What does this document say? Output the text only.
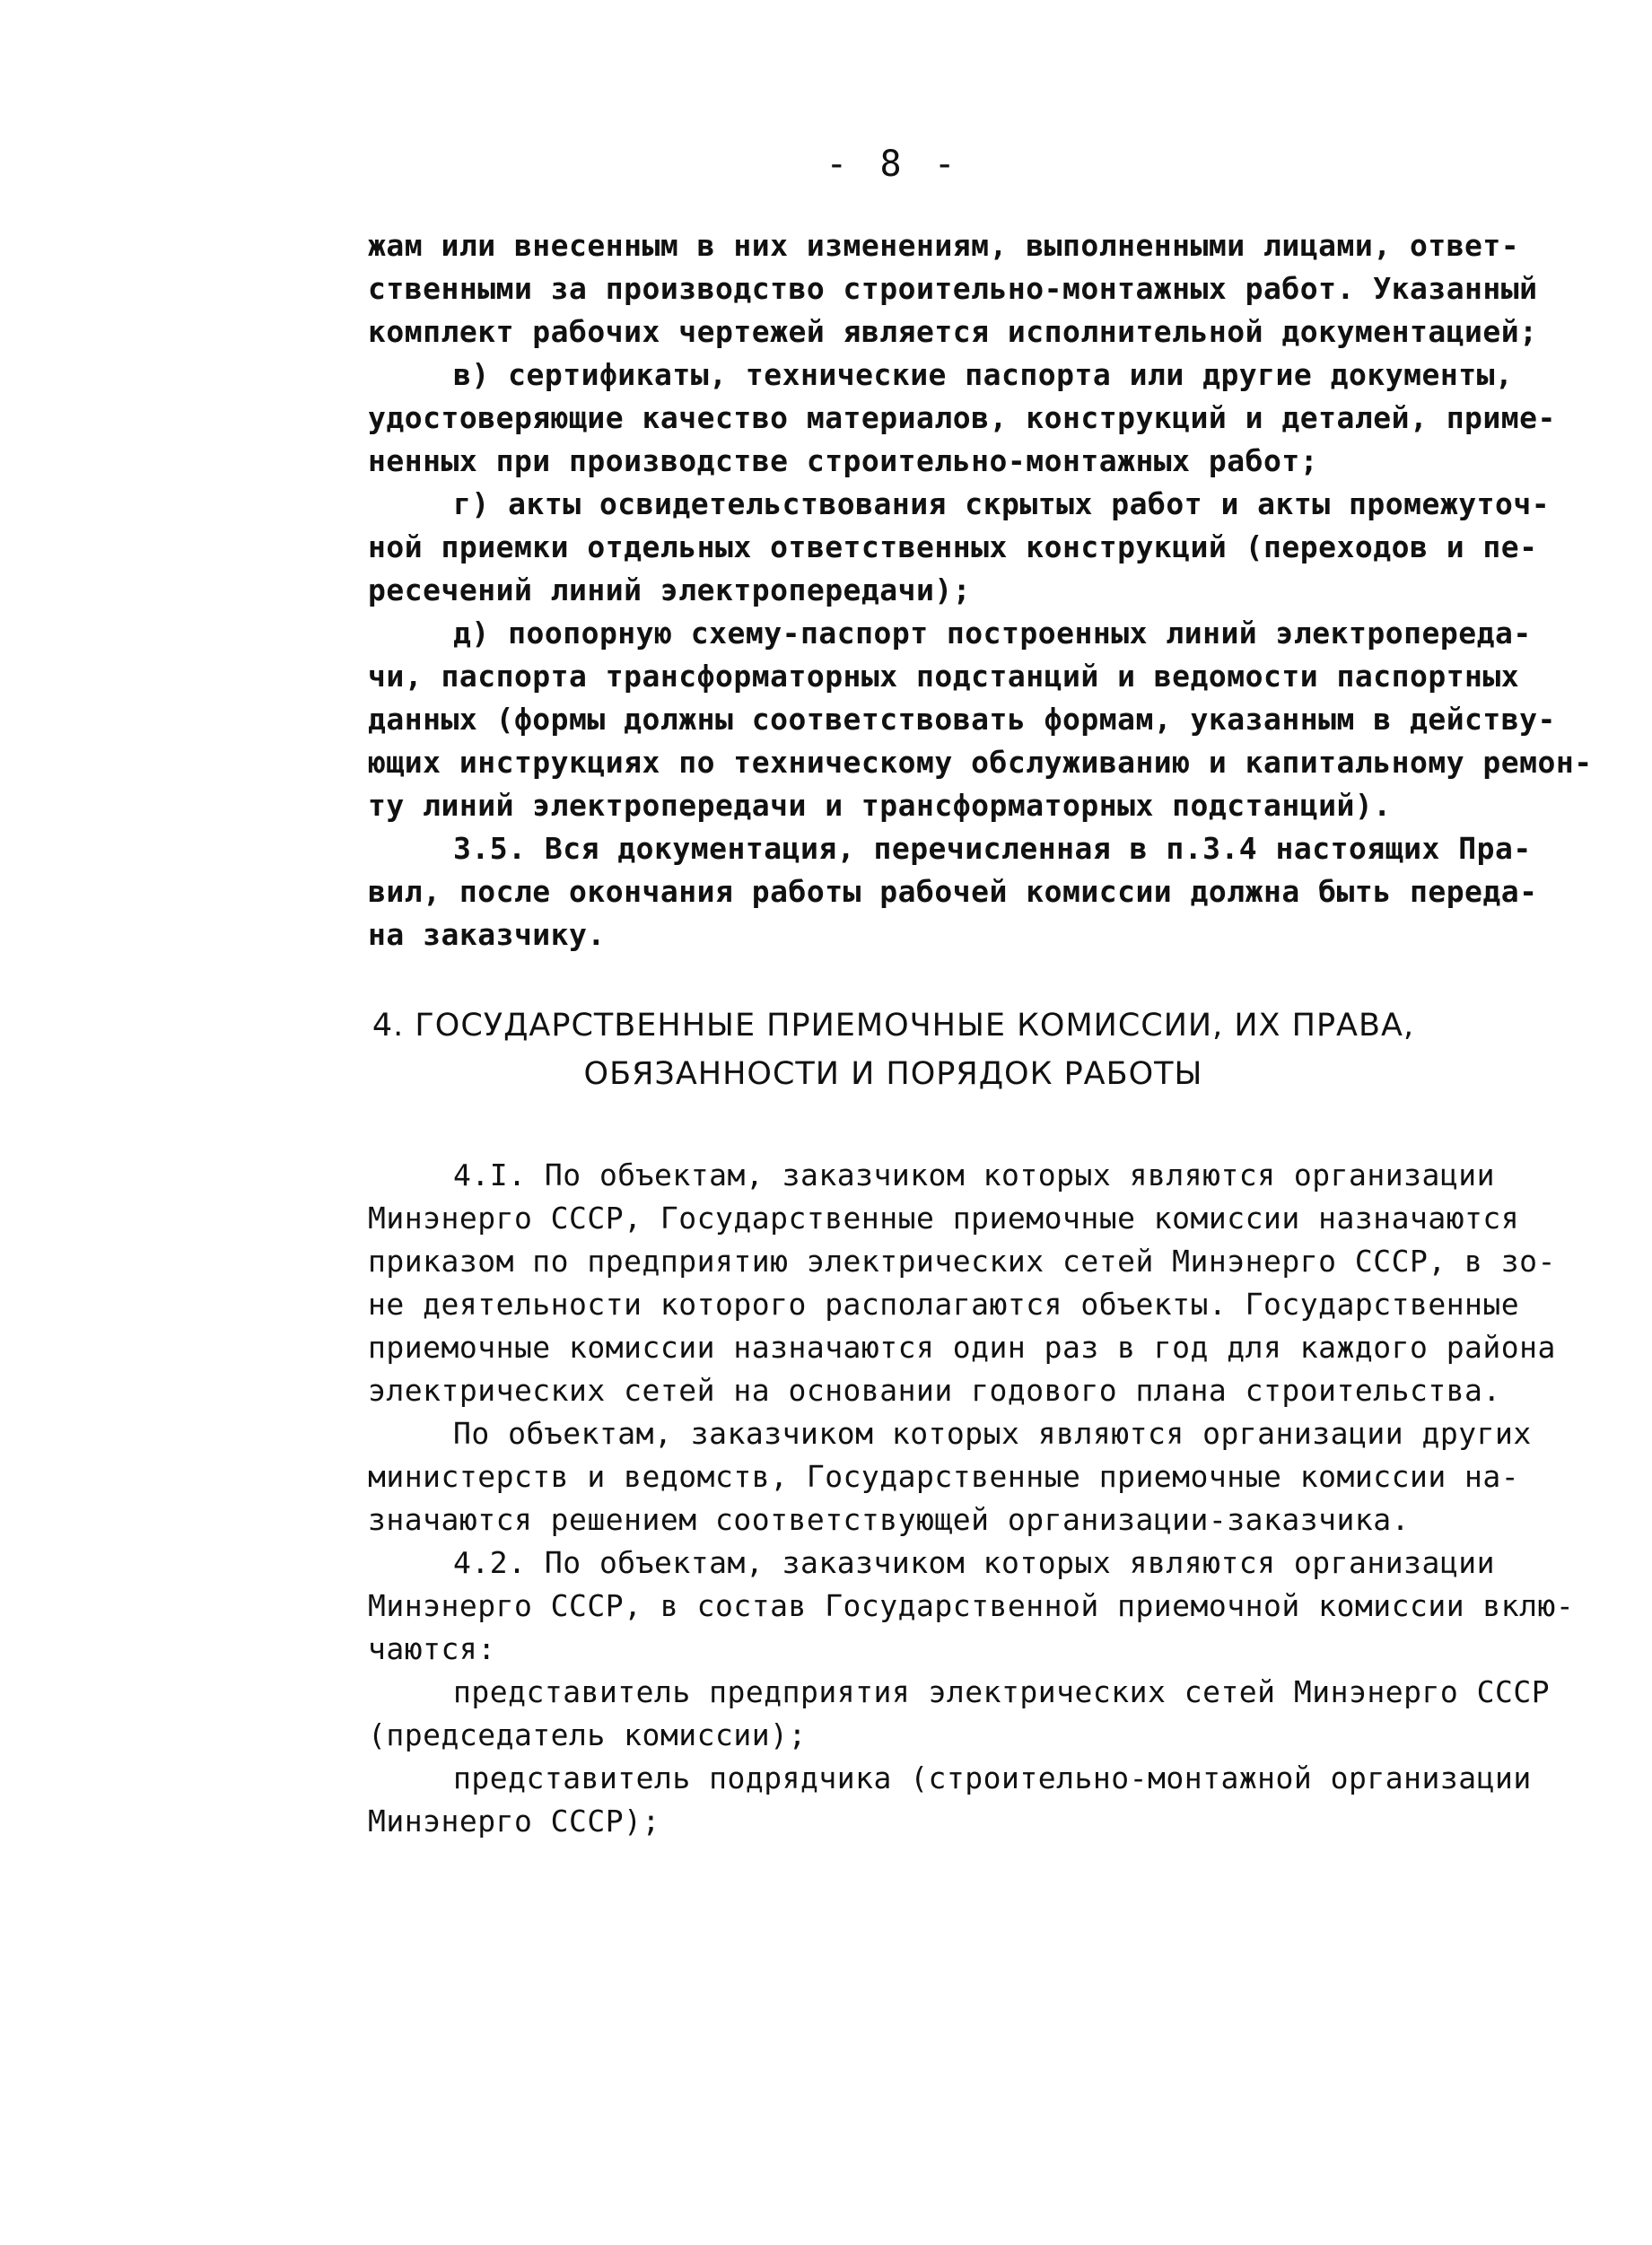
- 8 -
жам или внесенным в них изменениям, выполненными лицами, ответ-
ственными за производство строительно-монтажных работ. Указанный
комплект рабочих чертежей является исполнительной документацией;
в) сертификаты, технические паспорта или другие документы,
удостоверяющие качество материалов, конструкций и деталей, приме-
ненных при производстве строительно-монтажных работ;
г) акты освидетельствования скрытых работ и акты промежуточ-
ной приемки отдельных ответственных конструкций (переходов и пе-
ресечений линий электропередачи);
д) поопорную схему-паспорт построенных линий электропереда-
чи, паспорта трансформаторных подстанций и ведомости паспортных
данных (формы должны соответствовать формам, указанным в действу-
ющих инструкциях по техническому обслуживанию и капитальному ремон-
ту линий электропередачи и трансформаторных подстанций).
3.5. Вся документация, перечисленная в п.3.4 настоящих Пра-
вил, после окончания работы рабочей комиссии должна быть переда-
на заказчику.
4. ГОСУДАРСТВЕННЫЕ ПРИЕМОЧНЫЕ КОМИССИИ, ИХ ПРАВА,
ОБЯЗАННОСТИ И ПОРЯДОК РАБОТЫ
4.I. По объектам, заказчиком которых являются организации
Минэнерго СССР, Государственные приемочные комиссии назначаются
приказом по предприятию электрических сетей Минэнерго СССР, в зо-
не деятельности которого располагаются объекты. Государственные
приемочные комиссии назначаются один раз в год для каждого района
электрических сетей на основании годового плана строительства.
По объектам, заказчиком которых являются организации других
министерств и ведомств, Государственные приемочные комиссии на-
значаются решением соответствующей организации-заказчика.
4.2. По объектам, заказчиком которых являются организации
Минэнерго СССР, в состав Государственной приемочной комиссии вклю-
чаются:
представитель предприятия электрических сетей Минэнерго СССР
(председатель комиссии);
представитель подрядчика (строительно-монтажной организации
Минэнерго СССР);
